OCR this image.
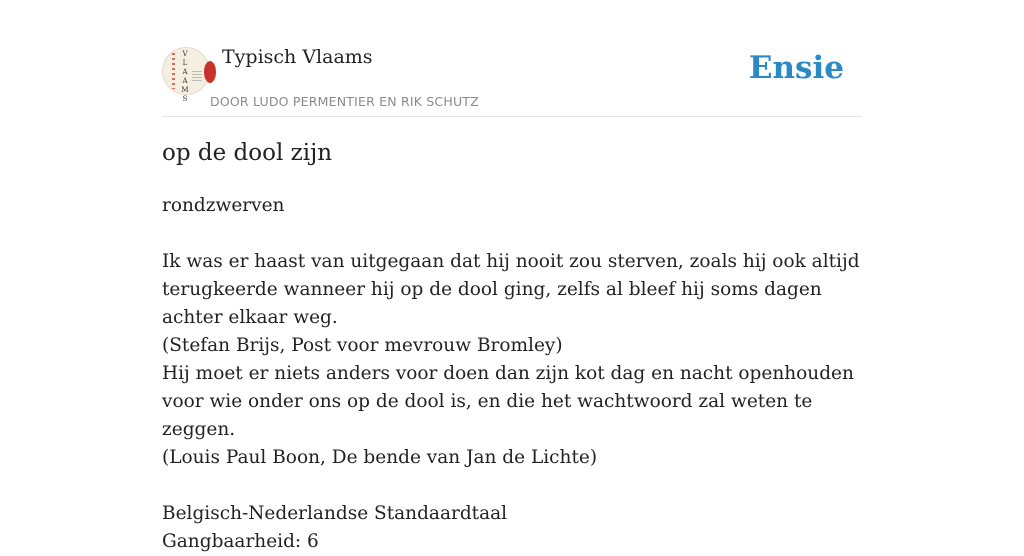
V
L
A
A
M
S
Typisch Vlaams
DOOR LUDO PERMENTIER EN RIK SCHUTZ
Ensie
op de dool zijn

rondzwerven

Ik was er haast van uitgegaan dat hij nooit zou sterven, zoals hij ook altijd terugkeerde wanneer hij op de dool ging, zelfs al bleef hij soms dagen achter elkaar weg.

(Stefan Brijs, Post voor mevrouw Bromley)

Hij moet er niets anders voor doen dan zijn kot dag en nacht openhouden voor wie onder ons op de dool is, en die het wachtwoord zal weten te zeggen.

(Louis Paul Boon, De bende van Jan de Lichte)

Belgisch-Nederlandse Standaardtaal

Gangbaarheid: 6
